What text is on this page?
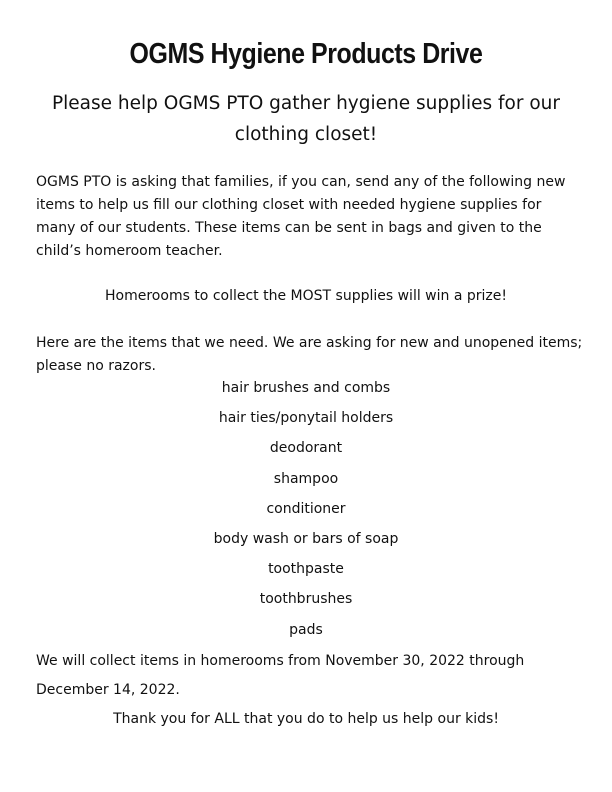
OGMS Hygiene Products Drive

Please help OGMS PTO gather hygiene supplies for our clothing closet!

OGMS PTO is asking that families, if you can, send any of the following new items to help us fill our clothing closet with needed hygiene supplies for many of our students. These items can be sent in bags and given to the child’s homeroom teacher.

Homerooms to collect the MOST supplies will win a prize!

Here are the items that we need. We are asking for new and unopened items; please no razors.

hair brushes and combs
hair ties/ponytail holders
deodorant
shampoo
conditioner
body wash or bars of soap
toothpaste
toothbrushes
pads

We will collect items in homerooms from November 30, 2022 through December 14, 2022.

Thank you for ALL that you do to help us help our kids!
